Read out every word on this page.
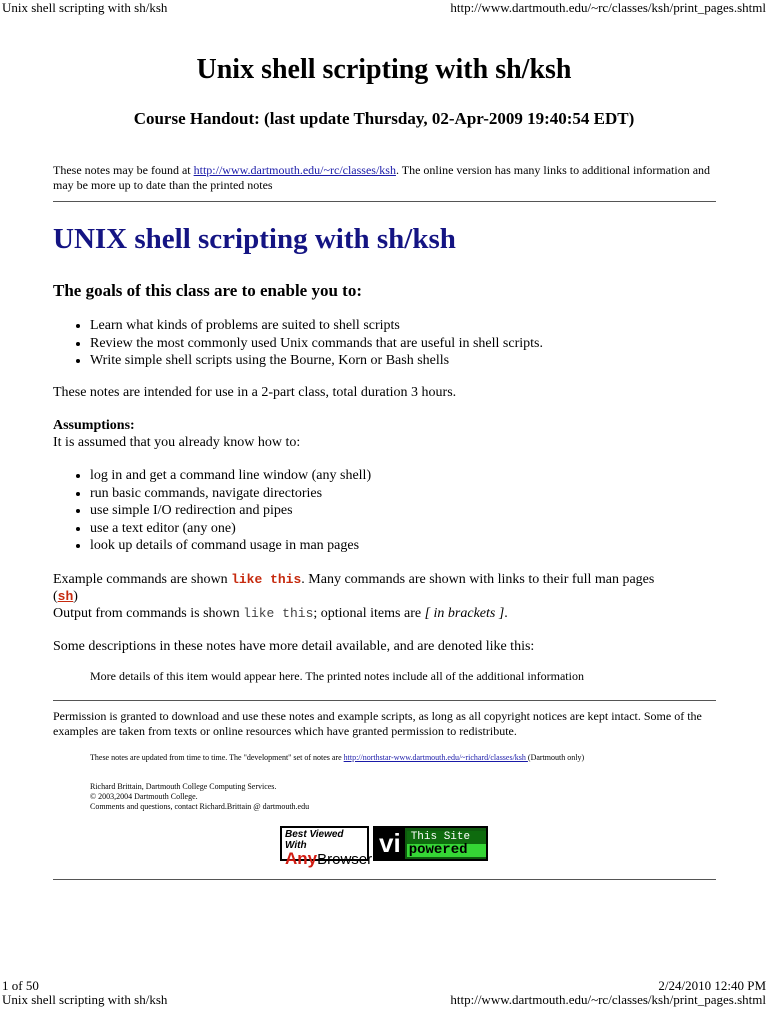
Unix shell scripting with sh/ksh	http://www.dartmouth.edu/~rc/classes/ksh/print_pages.shtml
Unix shell scripting with sh/ksh
Course Handout: (last update Thursday, 02-Apr-2009 19:40:54 EDT)
These notes may be found at http://www.dartmouth.edu/~rc/classes/ksh. The online version has many links to additional information and may be more up to date than the printed notes
UNIX shell scripting with sh/ksh
The goals of this class are to enable you to:
• Learn what kinds of problems are suited to shell scripts
• Review the most commonly used Unix commands that are useful in shell scripts.
• Write simple shell scripts using the Bourne, Korn or Bash shells
These notes are intended for use in a 2-part class, total duration 3 hours.
Assumptions:
It is assumed that you already know how to:
• log in and get a command line window (any shell)
• run basic commands, navigate directories
• use simple I/O redirection and pipes
• use a text editor (any one)
• look up details of command usage in man pages
Example commands are shown like this. Many commands are shown with links to their full man pages
(sh)
Output from commands is shown like this; optional items are [ in brackets ].
Some descriptions in these notes have more detail available, and are denoted like this:
More details of this item would appear here. The printed notes include all of the additional information
Permission is granted to download and use these notes and example scripts, as long as all copyright notices are kept intact. Some of the examples are taken from texts or online resources which have granted permission to redistribute.
These notes are updated from time to time. The "development" set of notes are http://northstar-www.dartmouth.edu/~richard/classes/ksh (Dartmouth only)
Richard Brittain, Dartmouth College Computing Services.
© 2003,2004 Dartmouth College.
Comments and questions, contact Richard.Brittain @ dartmouth.edu
Best Viewed With
AnyBrowser
vi This Site
powered
1 of 50	2/24/2010 12:40 PM
Unix shell scripting with sh/ksh	http://www.dartmouth.edu/~rc/classes/ksh/print_pages.shtml
